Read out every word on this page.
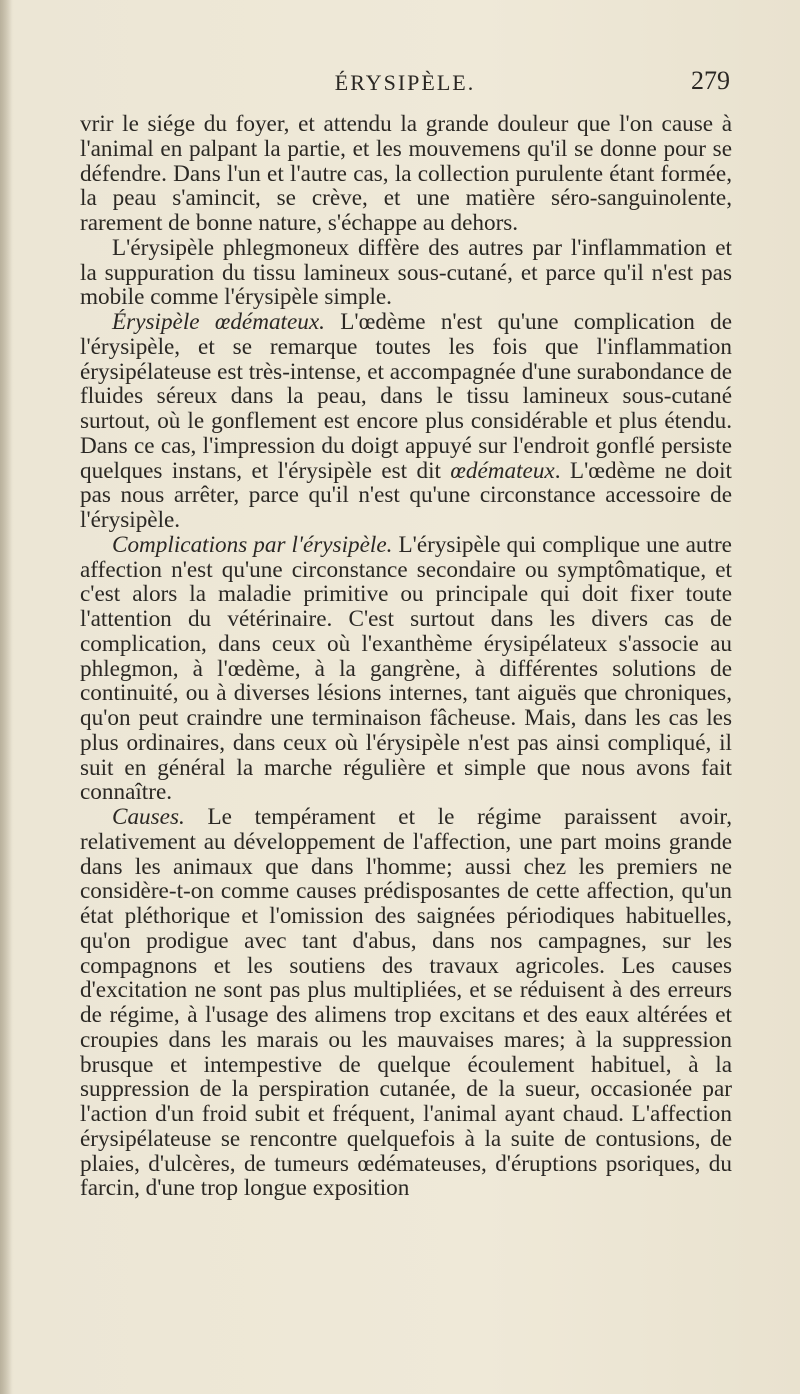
ÉRYSIPÈLE.	279

vrir le siége du foyer, et attendu la grande douleur que l'on cause à l'animal en palpant la partie, et les mouvemens qu'il se donne pour se défendre. Dans l'un et l'autre cas, la collection purulente étant formée, la peau s'amincit, se crève, et une matière séro-sanguinolente, rarement de bonne nature, s'échappe au dehors.

L'érysipèle phlegmoneux diffère des autres par l'inflammation et la suppuration du tissu lamineux sous-cutané, et parce qu'il n'est pas mobile comme l'érysipèle simple.

Érysipèle œdémateux. L'œdème n'est qu'une complication de l'érysipèle, et se remarque toutes les fois que l'inflammation érysipélateuse est très-intense, et accompagnée d'une surabondance de fluides séreux dans la peau, dans le tissu lamineux sous-cutané surtout, où le gonflement est encore plus considérable et plus étendu. Dans ce cas, l'impression du doigt appuyé sur l'endroit gonflé persiste quelques instans, et l'érysipèle est dit œdémateux. L'œdème ne doit pas nous arrêter, parce qu'il n'est qu'une circonstance accessoire de l'érysipèle.

Complications par l'érysipèle. L'érysipèle qui complique une autre affection n'est qu'une circonstance secondaire ou symptômatique, et c'est alors la maladie primitive ou principale qui doit fixer toute l'attention du vétérinaire. C'est surtout dans les divers cas de complication, dans ceux où l'exanthème érysipélateux s'associe au phlegmon, à l'œdème, à la gangrène, à différentes solutions de continuité, ou à diverses lésions internes, tant aiguës que chroniques, qu'on peut craindre une terminaison fâcheuse. Mais, dans les cas les plus ordinaires, dans ceux où l'érysipèle n'est pas ainsi compliqué, il suit en général la marche régulière et simple que nous avons fait connaître.

Causes. Le tempérament et le régime paraissent avoir, relativement au développement de l'affection, une part moins grande dans les animaux que dans l'homme; aussi chez les premiers ne considère-t-on comme causes prédisposantes de cette affection, qu'un état pléthorique et l'omission des saignées périodiques habituelles, qu'on prodigue avec tant d'abus, dans nos campagnes, sur les compagnons et les soutiens des travaux agricoles. Les causes d'excitation ne sont pas plus multipliées, et se réduisent à des erreurs de régime, à l'usage des alimens trop excitans et des eaux altérées et croupies dans les marais ou les mauvaises mares; à la suppression brusque et intempestive de quelque écoulement habituel, à la suppression de la perspiration cutanée, de la sueur, occasionée par l'action d'un froid subit et fréquent, l'animal ayant chaud. L'affection érysipélateuse se rencontre quelquefois à la suite de contusions, de plaies, d'ulcères, de tumeurs œdémateuses, d'éruptions psoriques, du farcin, d'une trop longue exposition
